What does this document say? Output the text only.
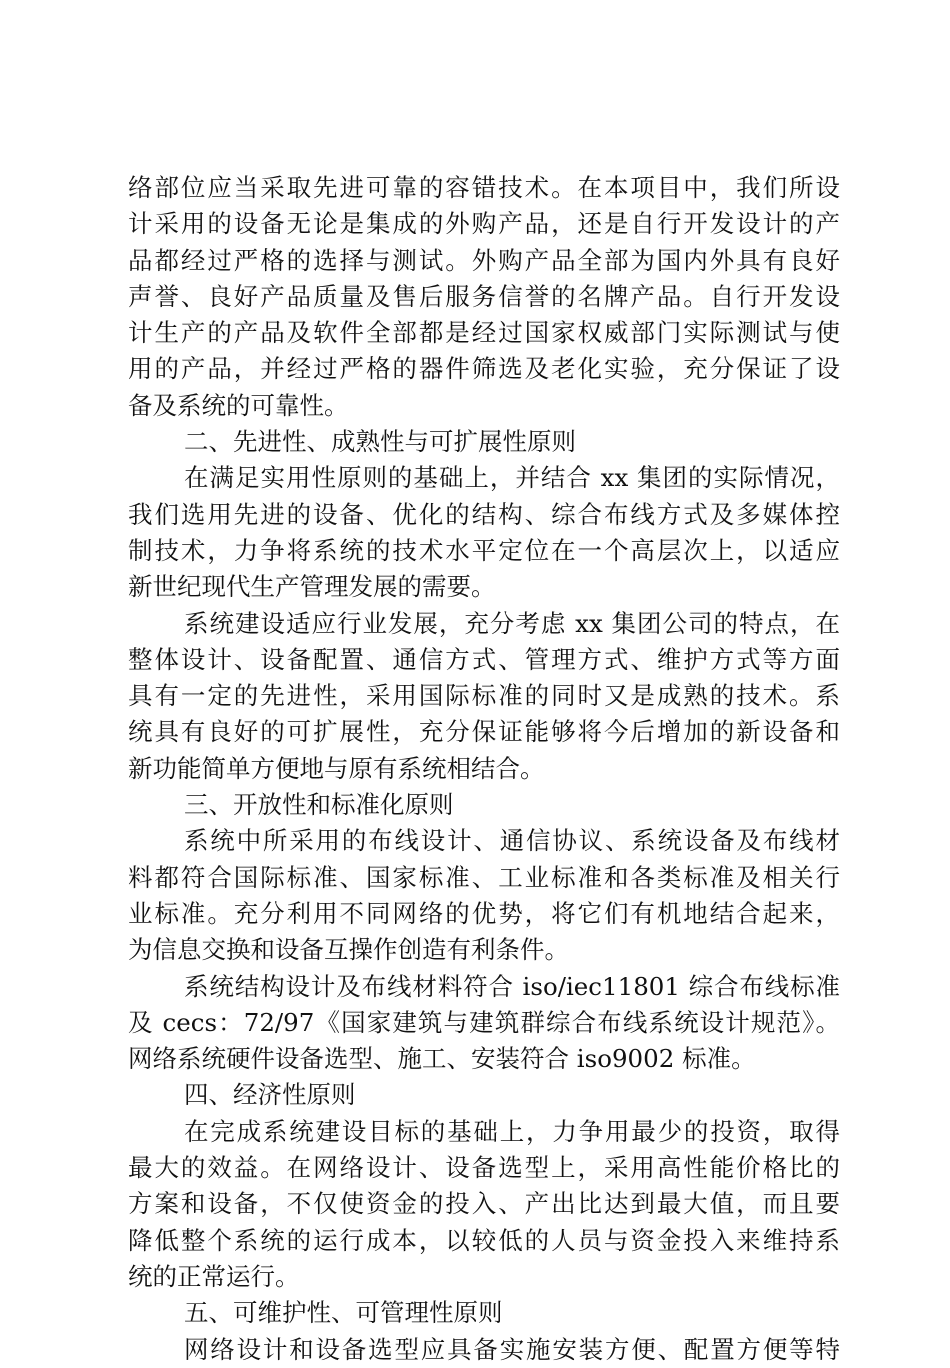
络部位应当采取先进可靠的容错技术。在本项目中，我们所设
计采用的设备无论是集成的外购产品，还是自行开发设计的产
品都经过严格的选择与测试。外购产品全部为国内外具有良好
声誉、良好产品质量及售后服务信誉的名牌产品。自行开发设
计生产的产品及软件全部都是经过国家权威部门实际测试与使
用的产品，并经过严格的器件筛选及老化实验，充分保证了设
备及系统的可靠性。
二、先进性、成熟性与可扩展性原则
在满足实用性原则的基础上，并结合 xx 集团的实际情况，
我们选用先进的设备、优化的结构、综合布线方式及多媒体控
制技术，力争将系统的技术水平定位在一个高层次上，以适应
新世纪现代生产管理发展的需要。
系统建设适应行业发展，充分考虑 xx 集团公司的特点，在
整体设计、设备配置、通信方式、管理方式、维护方式等方面
具有一定的先进性，采用国际标准的同时又是成熟的技术。系
统具有良好的可扩展性，充分保证能够将今后增加的新设备和
新功能简单方便地与原有系统相结合。
三、开放性和标准化原则
系统中所采用的布线设计、通信协议、系统设备及布线材
料都符合国际标准、国家标准、工业标准和各类标准及相关行
业标准。充分利用不同网络的优势，将它们有机地结合起来，
为信息交换和设备互操作创造有利条件。
系统结构设计及布线材料符合 iso/iec11801 综合布线标准
及 cecs：72/97《国家建筑与建筑群综合布线系统设计规范》。
网络系统硬件设备选型、施工、安装符合 iso9002 标准。
四、经济性原则
在完成系统建设目标的基础上，力争用最少的投资，取得
最大的效益。在网络设计、设备选型上，采用高性能价格比的
方案和设备，不仅使资金的投入、产出比达到最大值，而且要
降低整个系统的运行成本，以较低的人员与资金投入来维持系
统的正常运行。
五、可维护性、可管理性原则
网络设计和设备选型应具备实施安装方便、配置方便等特
